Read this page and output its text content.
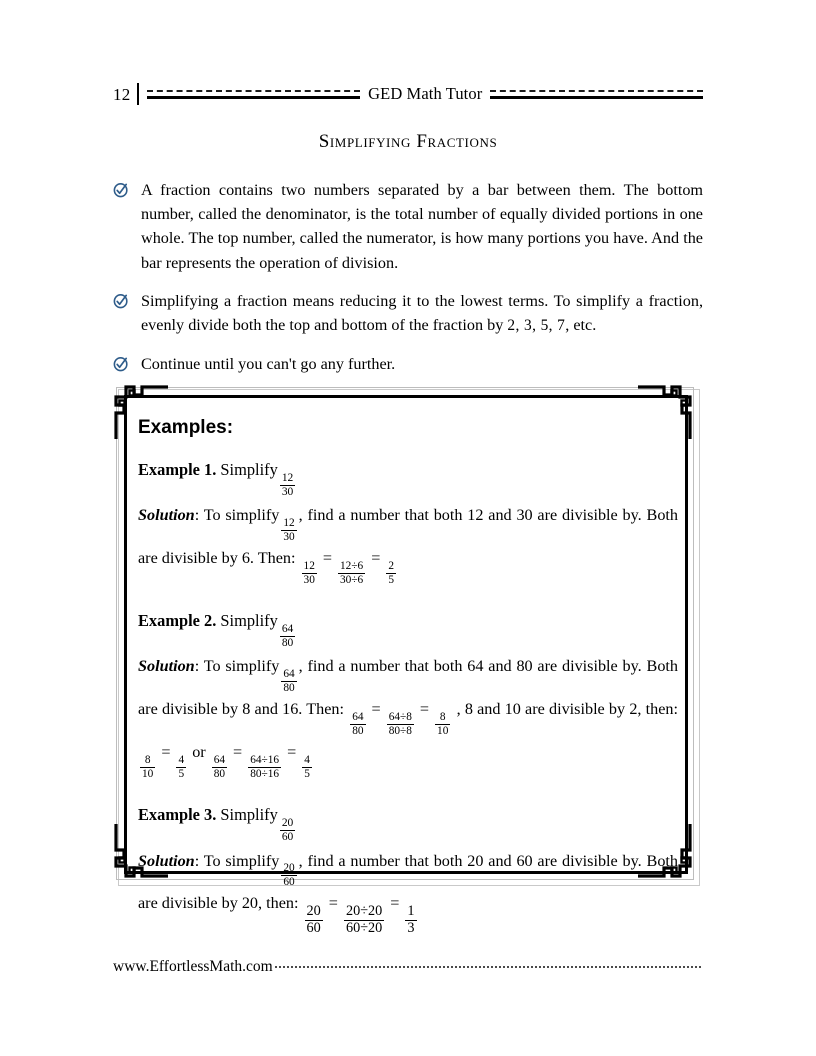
12	GED Math Tutor
Simplifying Fractions
A fraction contains two numbers separated by a bar between them. The bottom number, called the denominator, is the total number of equally divided portions in one whole. The top number, called the numerator, is how many portions you have. And the bar represents the operation of division.
Simplifying a fraction means reducing it to the lowest terms. To simplify a fraction, evenly divide both the top and bottom of the fraction by 2, 3, 5, 7, etc.
Continue until you can't go any further.
Examples:
Example 1. Simplify
$\frac{12}{30}$
Solution: To simplify
$\frac{12}{30}$
, find a number that both 12 and 30 are divisible by. Both are divisible by 6. Then:
$\frac{12}{30}$
=
$\frac{12\div 6}{30\div 6}$
=
$\frac{2}{5}$
Example 2. Simplify
$\frac{64}{80}$
Solution: To simplify
$\frac{64}{80}$
, find a number that both 64 and 80 are divisible by. Both are divisible by 8 and 16. Then:
$\frac{64}{80}$
=
$\frac{64\div 8}{80\div 8}$
=
$\frac{8}{10}$
, 8 and 10 are divisible by 2, then:
$\frac{8}{10}$
=
$\frac{4}{5}$
or
$\frac{64}{80}$
=
$\frac{64\div 16}{80\div 16}$
=
$\frac{4}{5}$
Example 3. Simplify
$\frac{20}{60}$
Solution: To simplify
$\frac{20}{60}$
, find a number that both 20 and 60 are divisible by. Both are divisible by 20, then:
$\frac{20}{60}$
=
$\frac{20\div 20}{60\div 20}$
=
$\frac{1}{3}$
www.EffortlessMath.com
